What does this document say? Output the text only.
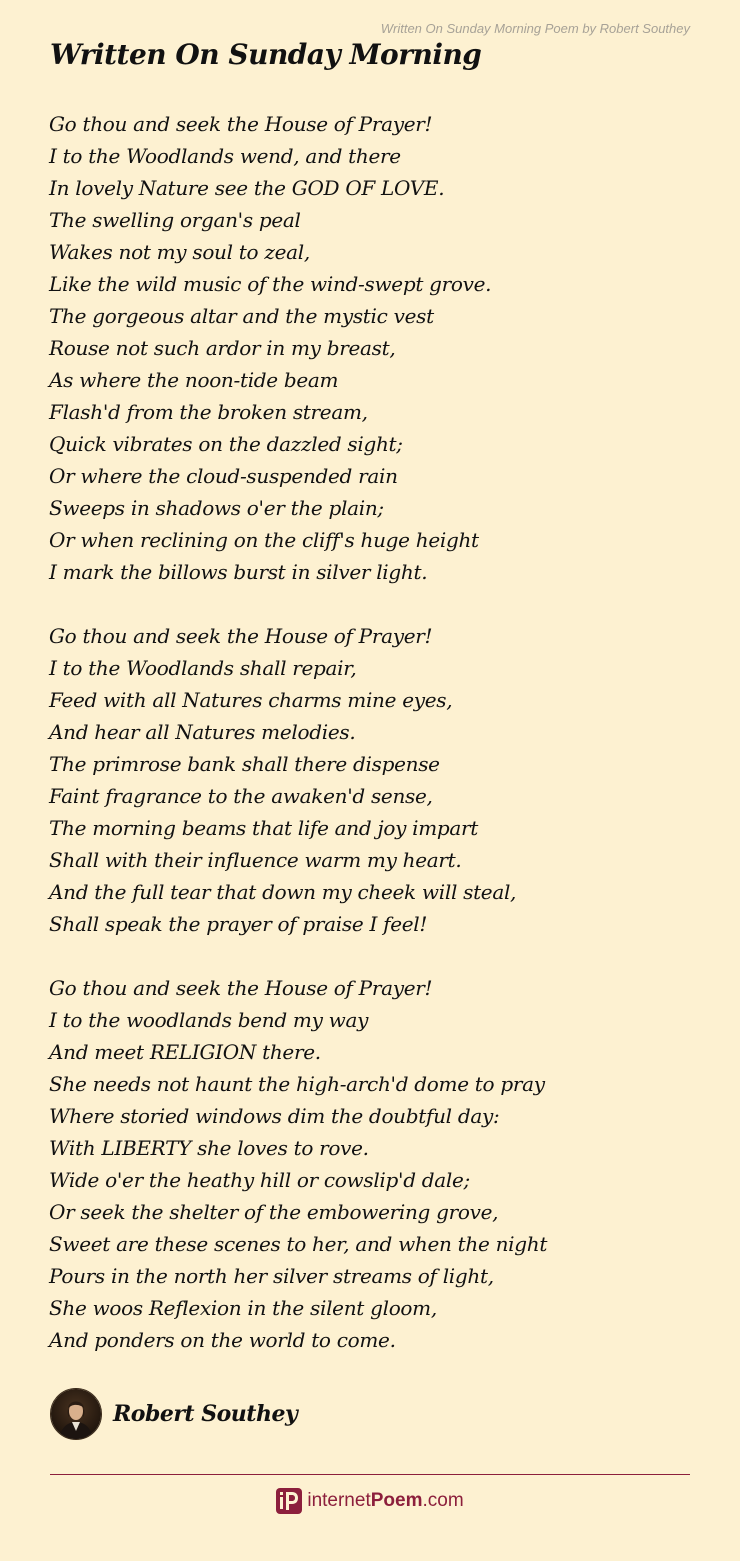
Written On Sunday Morning Poem by Robert Southey
Written On Sunday Morning
Go thou and seek the House of Prayer!
I to the Woodlands wend, and there
In lovely Nature see the GOD OF LOVE.
The swelling organ's peal
Wakes not my soul to zeal,
Like the wild music of the wind-swept grove.
The gorgeous altar and the mystic vest
Rouse not such ardor in my breast,
As where the noon-tide beam
Flash'd from the broken stream,
Quick vibrates on the dazzled sight;
Or where the cloud-suspended rain
Sweeps in shadows o'er the plain;
Or when reclining on the cliff's huge height
I mark the billows burst in silver light.
Go thou and seek the House of Prayer!
I to the Woodlands shall repair,
Feed with all Natures charms mine eyes,
And hear all Natures melodies.
The primrose bank shall there dispense
Faint fragrance to the awaken'd sense,
The morning beams that life and joy impart
Shall with their influence warm my heart.
And the full tear that down my cheek will steal,
Shall speak the prayer of praise I feel!
Go thou and seek the House of Prayer!
I to the woodlands bend my way
And meet RELIGION there.
She needs not haunt the high-arch'd dome to pray
Where storied windows dim the doubtful day:
With LIBERTY she loves to rove.
Wide o'er the heathy hill or cowslip'd dale;
Or seek the shelter of the embowering grove,
Sweet are these scenes to her, and when the night
Pours in the north her silver streams of light,
She woos Reflexion in the silent gloom,
And ponders on the world to come.
Robert Southey
internetPoem.com
